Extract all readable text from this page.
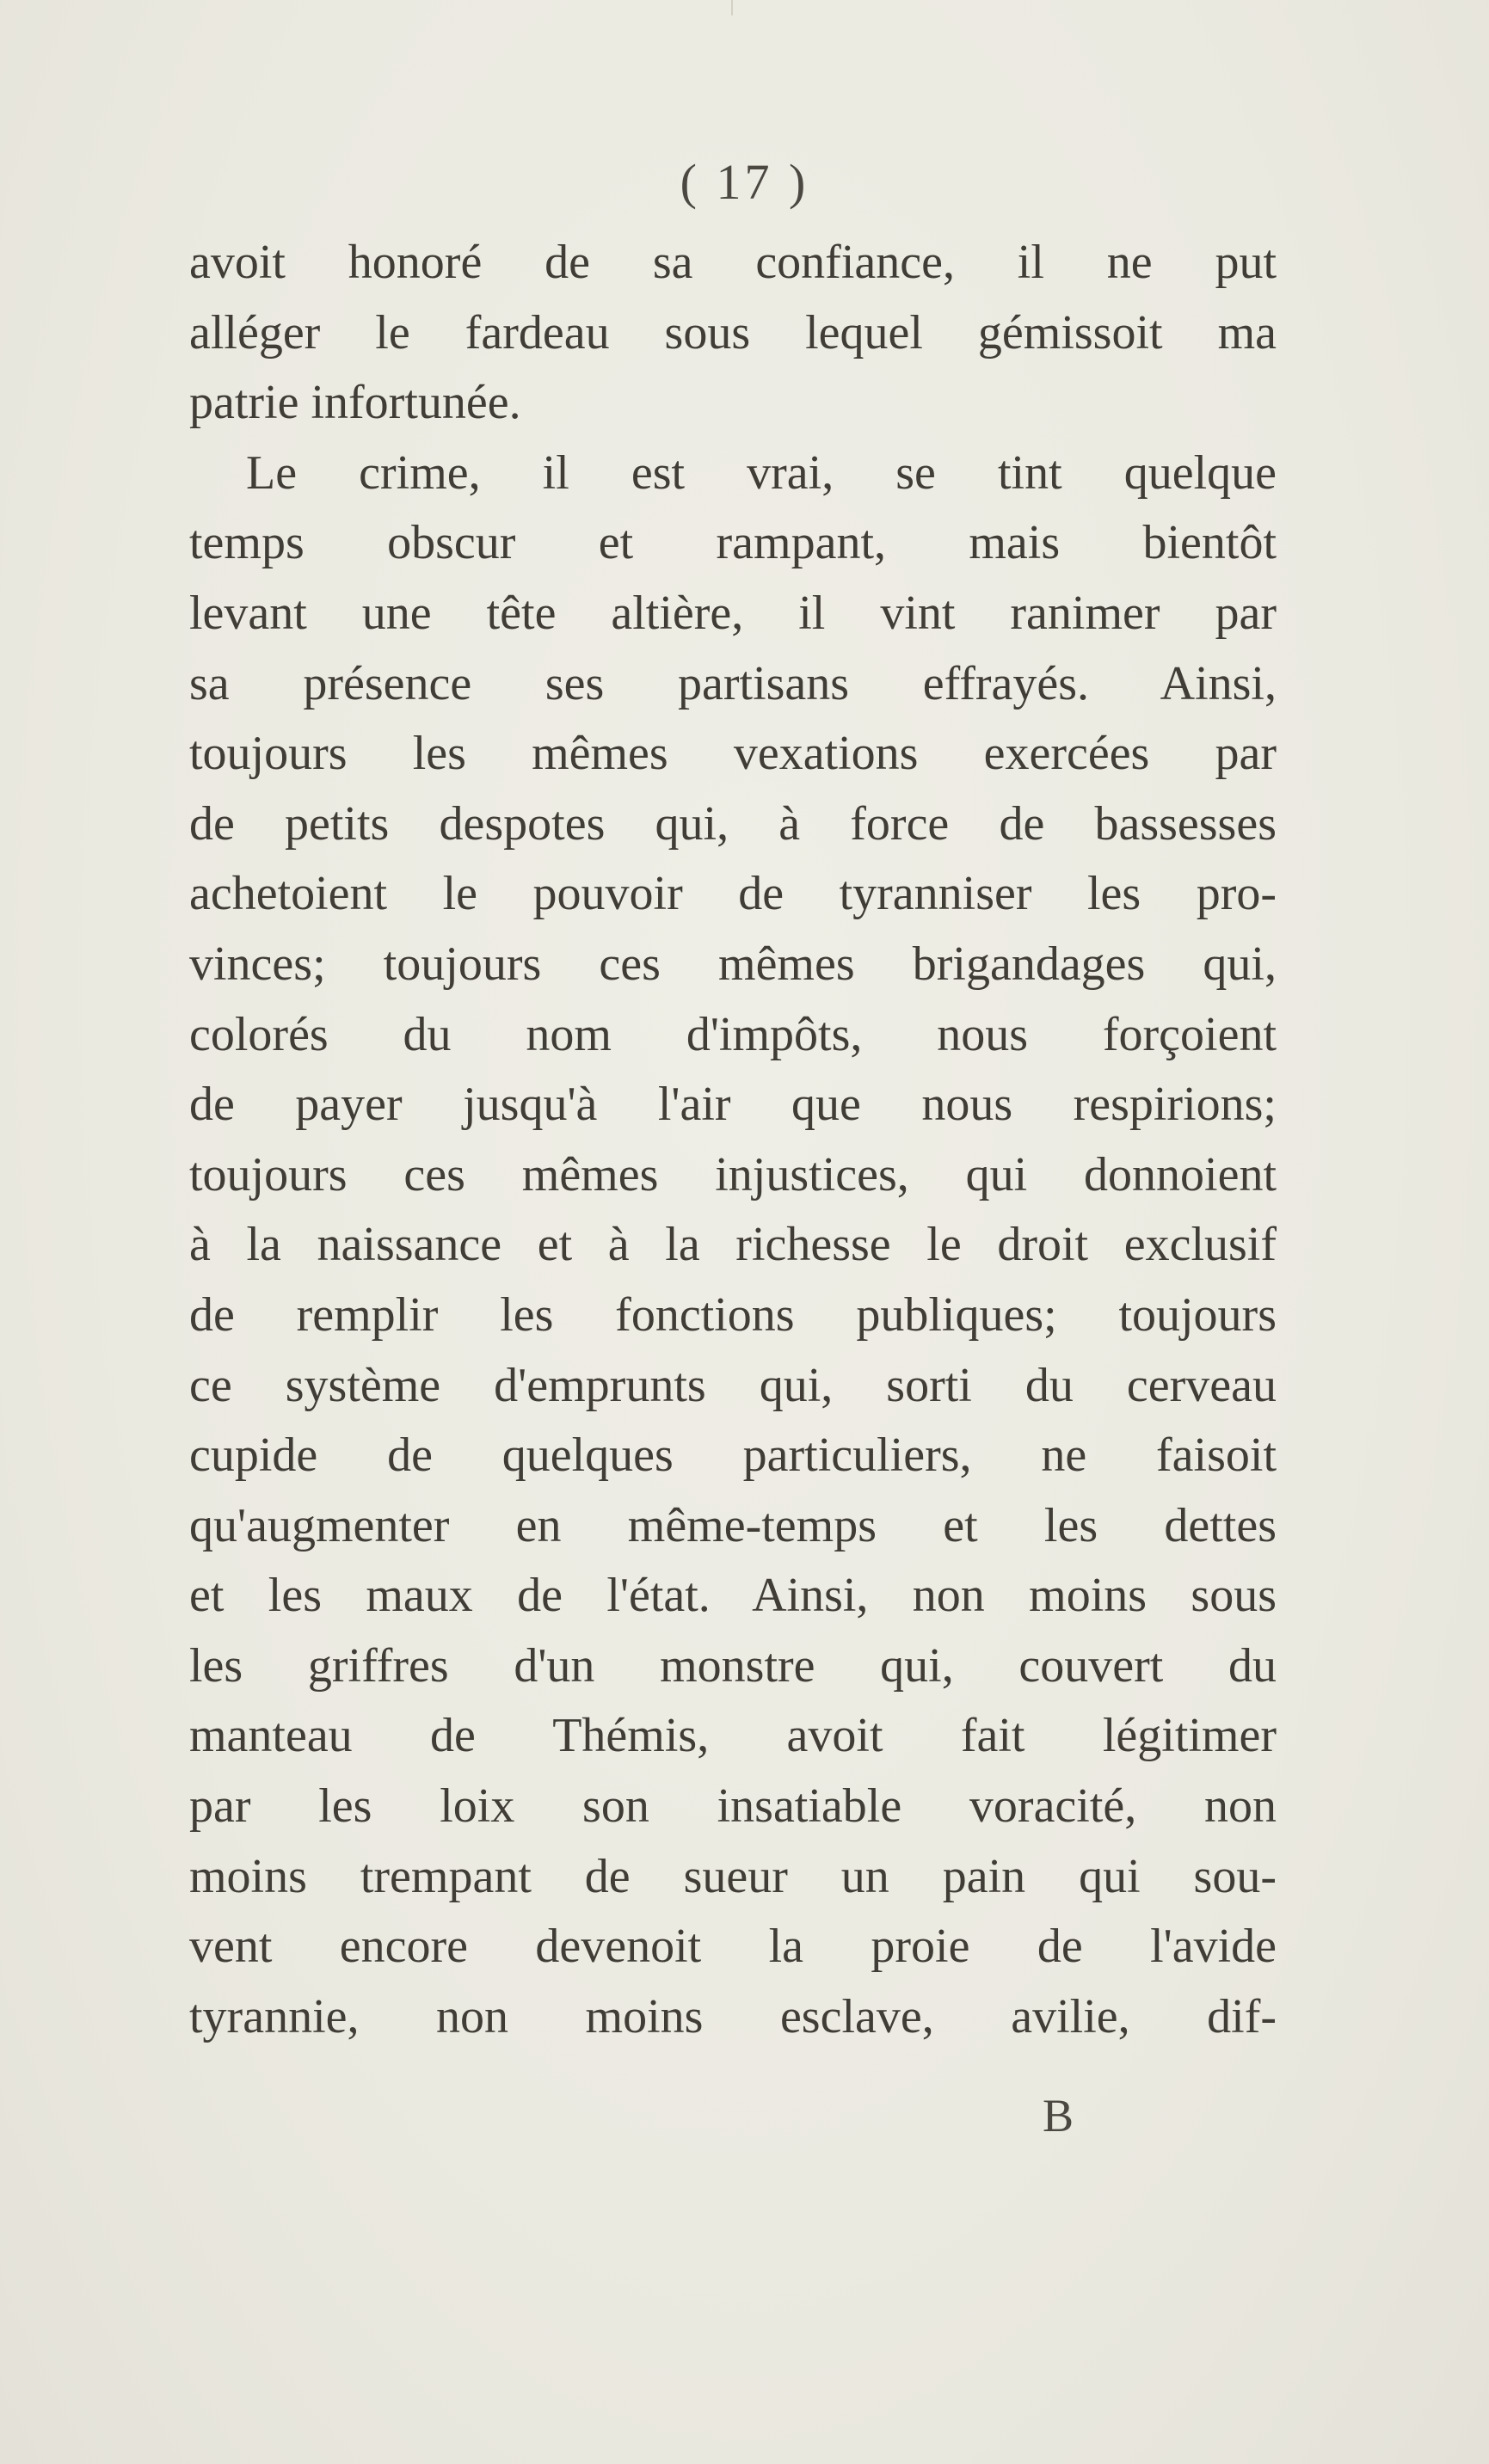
( 17 )
avoit honoré de sa confiance, il ne put
alléger le fardeau sous lequel gémissoit ma
patrie infortunée.
Le crime, il est vrai, se tint quelque
temps obscur et rampant, mais bientôt
levant une tête altière, il vint ranimer par
sa présence ses partisans effrayés. Ainsi,
toujours les mêmes vexations exercées par
de petits despotes qui, à force de bassesses
achetoient le pouvoir de tyranniser les pro-
vinces; toujours ces mêmes brigandages qui,
colorés du nom d'impôts, nous forçoient
de payer jusqu'à l'air que nous respirions;
toujours ces mêmes injustices, qui donnoient
à la naissance et à la richesse le droit exclusif
de remplir les fonctions publiques; toujours
ce système d'emprunts qui, sorti du cerveau
cupide de quelques particuliers, ne faisoit
qu'augmenter en même-temps et les dettes
et les maux de l'état. Ainsi, non moins sous
les griffres d'un monstre qui, couvert du
manteau de Thémis, avoit fait légitimer
par les loix son insatiable voracité, non
moins trempant de sueur un pain qui sou-
vent encore devenoit la proie de l'avide
tyrannie, non moins esclave, avilie, dif-
B
